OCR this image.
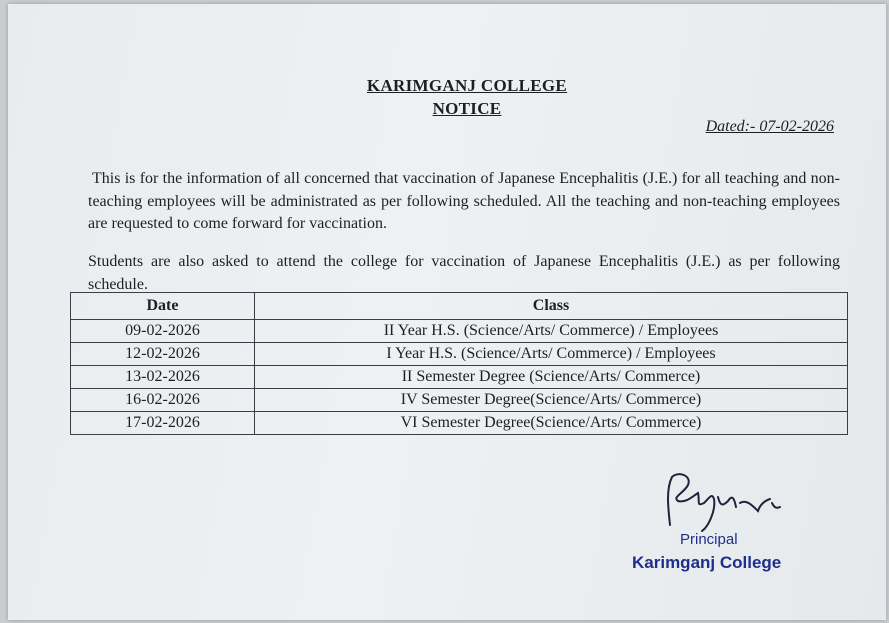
KARIMGANJ COLLEGE
NOTICE
Dated:- 07-02-2026

This is for the information of all concerned that vaccination of Japanese Encephalitis (J.E.) for all teaching and non- teaching employees will be administrated as per following scheduled. All the teaching and non-teaching employees are requested to come forward for vaccination.

Students are also asked to attend the college for vaccination of Japanese Encephalitis (J.E.) as per following schedule.

Date	Class
09-02-2026	II Year H.S. (Science/Arts/ Commerce) / Employees
12-02-2026	I Year H.S. (Science/Arts/ Commerce) / Employees
13-02-2026	II Semester Degree (Science/Arts/ Commerce)
16-02-2026	IV Semester Degree(Science/Arts/ Commerce)
17-02-2026	VI Semester Degree(Science/Arts/ Commerce)
Principal
Karimganj College
